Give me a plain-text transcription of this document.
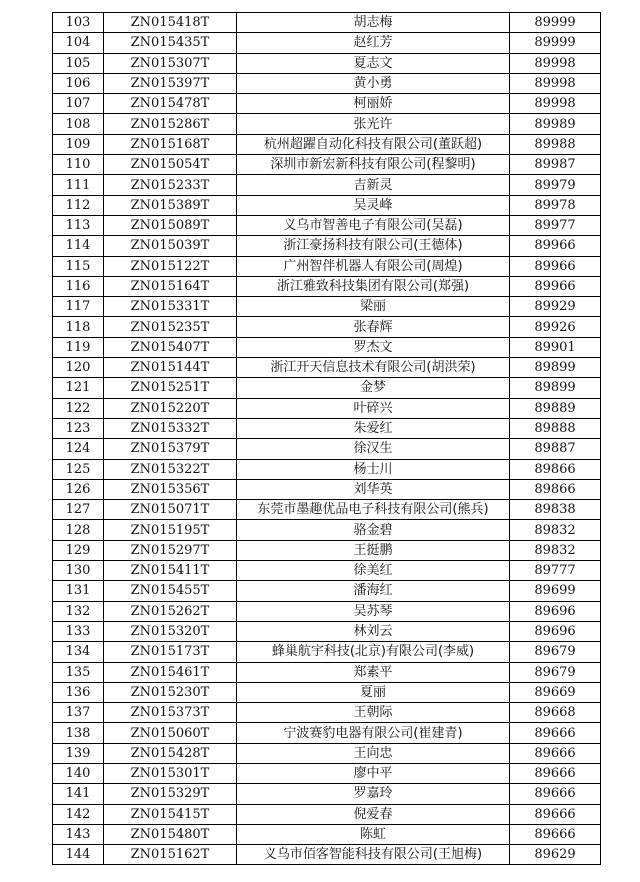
103	ZN015418T	胡志梅	89999
104	ZN015435T	赵红芳	89999
105	ZN015307T	夏志文	89998
106	ZN015397T	黄小勇	89998
107	ZN015478T	柯丽娇	89998
108	ZN015286T	张光许	89989
109	ZN015168T	杭州超躍自动化科技有限公司(董跃超)	89988
110	ZN015054T	深圳市新宏新科技有限公司(程黎明)	89987
111	ZN015233T	吉新灵	89979
112	ZN015389T	吴灵峰	89978
113	ZN015089T	义乌市智善电子有限公司(吴磊)	89977
114	ZN015039T	浙江豪扬科技有限公司(王德体)	89966
115	ZN015122T	广州智伴机器人有限公司(周煌)	89966
116	ZN015164T	浙江雅致科技集团有限公司(郑强)	89966
117	ZN015331T	梁丽	89929
118	ZN015235T	张春辉	89926
119	ZN015407T	罗杰文	89901
120	ZN015144T	浙江开天信息技术有限公司(胡洪荣)	89899
121	ZN015251T	金梦	89899
122	ZN015220T	叶碎兴	89889
123	ZN015332T	朱爱红	89888
124	ZN015379T	徐汉生	89887
125	ZN015322T	杨士川	89866
126	ZN015356T	刘华英	89866
127	ZN015071T	东莞市墨趣优品电子科技有限公司(熊兵)	89838
128	ZN015195T	骆金碧	89832
129	ZN015297T	王挺鹏	89832
130	ZN015411T	徐美红	89777
131	ZN015455T	潘海红	89699
132	ZN015262T	吴苏琴	89696
133	ZN015320T	林刘云	89696
134	ZN015173T	蜂巢航宇科技(北京)有限公司(李威)	89679
135	ZN015461T	郑素平	89679
136	ZN015230T	夏丽	89669
137	ZN015373T	王朝际	89668
138	ZN015060T	宁波赛豹电器有限公司(崔建青)	89666
139	ZN015428T	王向忠	89666
140	ZN015301T	廖中平	89666
141	ZN015329T	罗嘉玲	89666
142	ZN015415T	倪爱春	89666
143	ZN015480T	陈虹	89666
144	ZN015162T	义乌市佰客智能科技有限公司(王旭梅)	89629
